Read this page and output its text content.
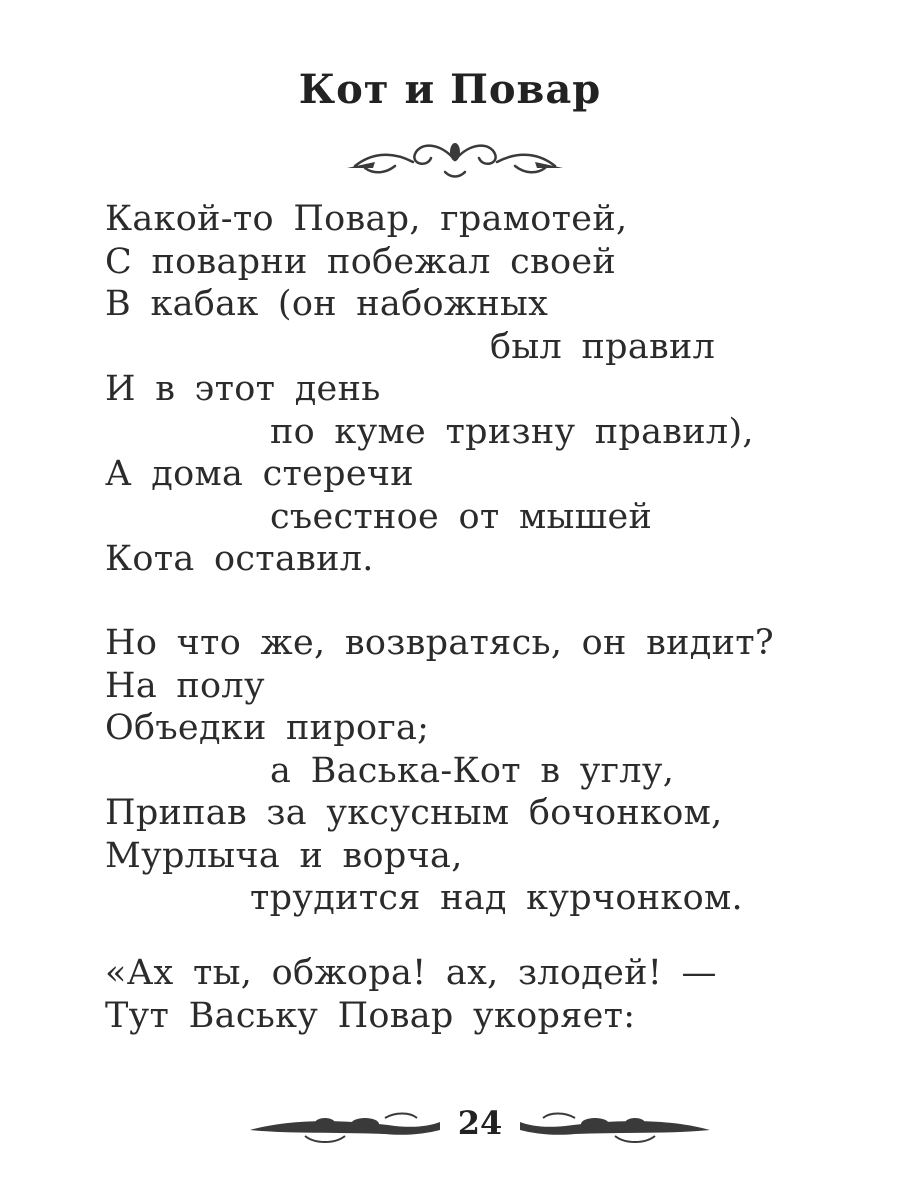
Кот и Повар
Какой-то Повар, грамотей,
С поварни побежал своей
В кабак (он набожных
был правил
И в этот день
по куме тризну правил),
А дома стеречи
съестное от мышей
Кота оставил.
Но что же, возвратясь, он видит?
На полу
Объедки пирога;
а Васька-Кот в углу,
Припав за уксусным бочонком,
Мурлыча и ворча,
трудится над курчонком.
«Ах ты, обжора! ах, злодей! —
Тут Ваську Повар укоряет:
24
